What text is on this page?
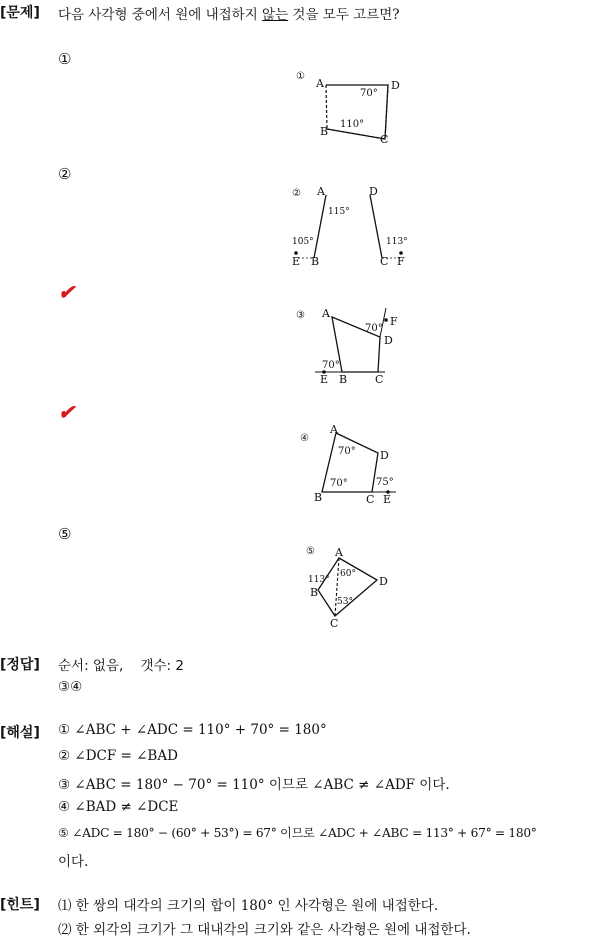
[문제] 다음 사각형 중에서 원에 내접하지 않는 것을 모두 고르면?
①
②
✔
✔
⑤
①
A	D
B
C
70°
110°
② A	D
B	C
E	F
115°
105°	113°
③ A
D
F
B	C
E
70°
70°
④
A
D
B	C E
70°
70°	75°
⑤ A
D
B
C
60°
113°
53°
[정답] 순서: 없음,    갯수: 2
③④
[해설] ① ∠ABC + ∠ADC = 110° + 70° = 180°
② ∠DCF = ∠BAD
③ ∠ABC = 180° − 70° = 110° 이므로 ∠ABC ≠ ∠ADF 이다.
④ ∠BAD ≠ ∠DCE
⑤ ∠ADC = 180° − (60° + 53°) = 67° 이므로 ∠ADC + ∠ABC = 113° + 67° = 180°
이다.
[힌트] ⑴ 한 쌍의 대각의 크기의 합이 180° 인 사각형은 원에 내접한다.
⑵ 한 외각의 크기가 그 대내각의 크기와 같은 사각형은 원에 내접한다.
